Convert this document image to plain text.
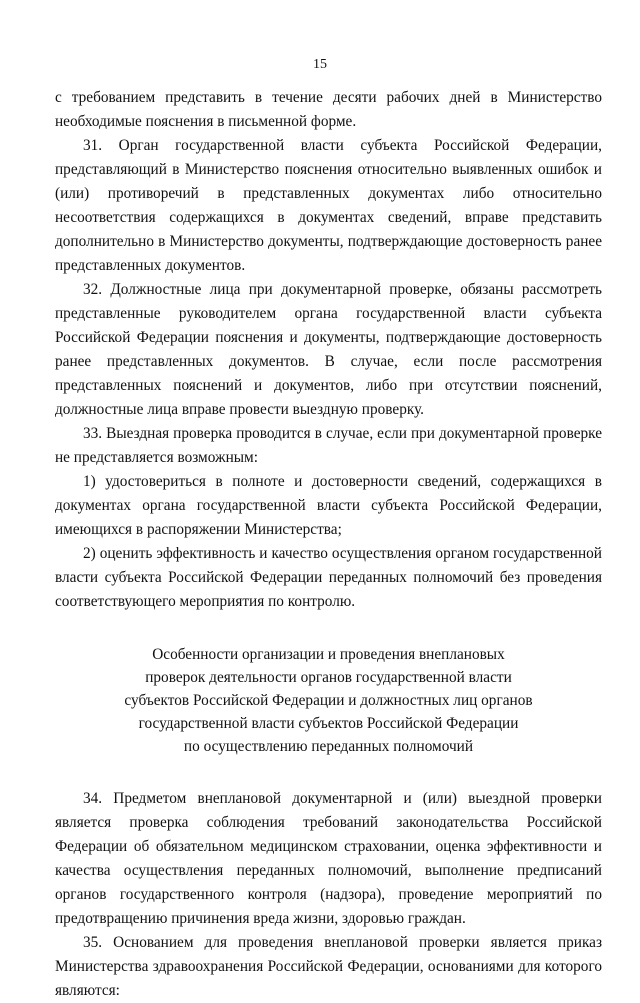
15

с требованием представить в течение десяти рабочих дней в Министерство необходимые пояснения в письменной форме.

31. Орган государственной власти субъекта Российской Федерации, представляющий в Министерство пояснения относительно выявленных ошибок и (или) противоречий в представленных документах либо относительно несоответствия содержащихся в документах сведений, вправе представить дополнительно в Министерство документы, подтверждающие достоверность ранее представленных документов.

32. Должностные лица при документарной проверке, обязаны рассмотреть представленные руководителем органа государственной власти субъекта Российской Федерации пояснения и документы, подтверждающие достоверность ранее представленных документов. В случае, если после рассмотрения представленных пояснений и документов, либо при отсутствии пояснений, должностные лица вправе провести выездную проверку.

33. Выездная проверка проводится в случае, если при документарной проверке не представляется возможным:

1) удостовериться в полноте и достоверности сведений, содержащихся в документах органа государственной власти субъекта Российской Федерации, имеющихся в распоряжении Министерства;

2) оценить эффективность и качество осуществления органом государственной власти субъекта Российской Федерации переданных полномочий без проведения соответствующего мероприятия по контролю.

Особенности организации и проведения внеплановых
проверок деятельности органов государственной власти
субъектов Российской Федерации и должностных лиц органов
государственной власти субъектов Российской Федерации
по осуществлению переданных полномочий

34. Предметом внеплановой документарной и (или) выездной проверки является проверка соблюдения требований законодательства Российской Федерации об обязательном медицинском страховании, оценка эффективности и качества осуществления переданных полномочий, выполнение предписаний органов государственного контроля (надзора), проведение мероприятий по предотвращению причинения вреда жизни, здоровью граждан.

35. Основанием для проведения внеплановой проверки является приказ Министерства здравоохранения Российской Федерации, основаниями для которого являются:
